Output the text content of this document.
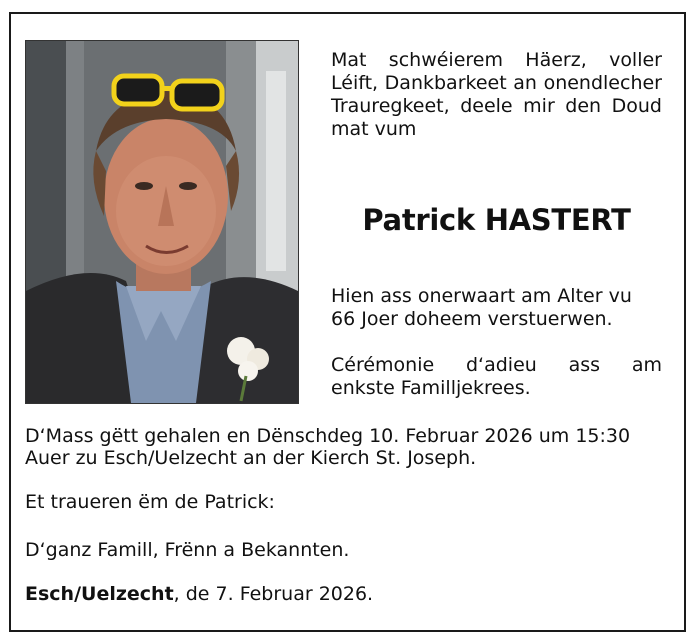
Mat schwéierem Häerz, voller Léift, Dankbarkeet an onendlecher Trauregkeet, deele mir den Doud mat vum
Patrick HASTERT
Hien ass onerwaart am Alter vu 66 Joer doheem verstuerwen.
Cérémonie d‘adieu ass am
enkste Familljekrees.
D‘Mass gëtt gehalen en Dënschdeg 10. Februar 2026 um 15:30
Auer zu Esch/Uelzecht an der Kierch St. Joseph.
Et traueren ëm de Patrick:
D‘ganz Famill, Frënn a Bekannten.
Esch/Uelzecht, de 7. Februar 2026.
